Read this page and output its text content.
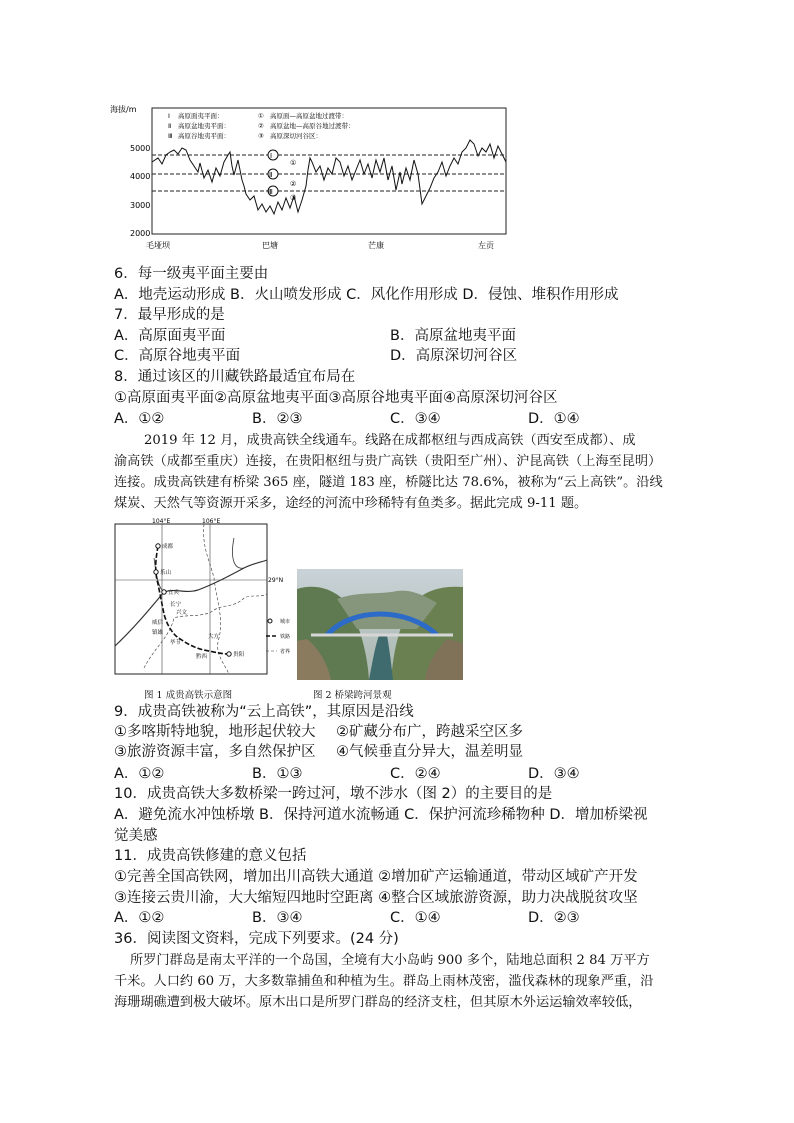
海拔/m
5000
4000
3000
2000
Ⅰ 高原面夷平面：
Ⅱ 高原盆地夷平面：
Ⅲ 高原谷地夷平面：
① 高原面—高原盆地过渡带：
② 高原盆地—高原谷地过渡带：
③ 高原深切河谷区：
Ⅰ
①
Ⅱ
②
Ⅲ
③
毛垭坝	巴塘	芒康	左贡
6．每一级夷平面主要由
A．地壳运动形成 B．火山喷发形成 C．风化作用形成 D．侵蚀、堆积作用形成
7．最早形成的是
A．高原面夷平面	B．高原盆地夷平面
C．高原谷地夷平面	D．高原深切河谷区
8．通过该区的川藏铁路最适宜布局在
①高原面夷平面②高原盆地夷平面③高原谷地夷平面④高原深切河谷区
A．①②	B．②③	C．③④	D．①④
2019 年 12 月，成贵高铁全线通车。线路在成都枢纽与西成高铁（西安至成都）、成
渝高铁（成都至重庆）连接，在贵阳枢纽与贵广高铁（贵阳至广州）、沪昆高铁（上海至昆明）
连接。成贵高铁建有桥梁 365 座，隧道 183 座，桥隧比达 78.6%，被称为“云上高铁”。沿线
煤炭、天然气等资源开采多，途经的河流中珍稀特有鱼类多。据此完成 9-11 题。
104°E	106°E
29°N
成都
乐山
宜宾
长宁
兴文
威信
镇雄
毕节
大方
黔西	贵阳
城市
铁路
省界
图 1 成贵高铁示意图	图 2 桥梁跨河景观
9．成贵高铁被称为“云上高铁”，其原因是沿线
①多喀斯特地貌，地形起伏较大 ②矿藏分布广，跨越采空区多
③旅游资源丰富，多自然保护区 ④气候垂直分异大，温差明显
A．①②	B．①③	C．②④	D．③④
10．成贵高铁大多数桥梁一跨过河，墩不涉水（图 2）的主要目的是
A．避免流水冲蚀桥墩 B．保持河道水流畅通 C．保护河流珍稀物种 D．增加桥梁视
觉美感
11．成贵高铁修建的意义包括
①完善全国高铁网，增加出川高铁大通道 ②增加矿产运输通道，带动区域矿产开发
③连接云贵川渝，大大缩短四地时空距离 ④整合区域旅游资源，助力决战脱贫攻坚
A．①②	B．③④	C．①④	D．②③
36．阅读图文资料，完成下列要求。(24 分)
所罗门群岛是南太平洋的一个岛国，全境有大小岛屿 900 多个，陆地总面积 2 84 万平方
千米。人口约 60 万，大多数靠捕鱼和种植为生。群岛上雨林茂密，滥伐森林的现象严重，沿
海珊瑚礁遭到极大破坏。原木出口是所罗门群岛的经济支柱，但其原木外运运输效率较低，
